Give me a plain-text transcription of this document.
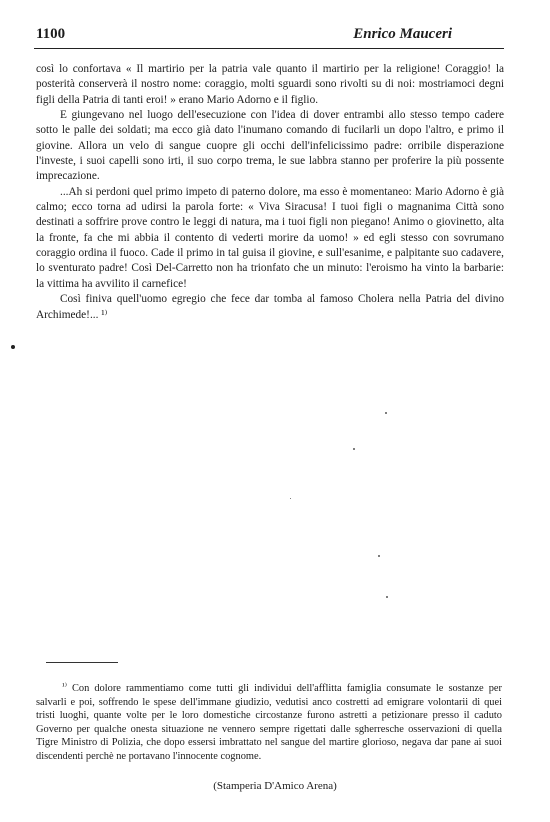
1100	Enrico Mauceri

così lo confortava « Il martirio per la patria vale quanto il martirio per la religione! Coraggio! la posterità conserverà il nostro nome: coraggio, molti sguardi sono rivolti su di noi: mostriamoci degni figli della Patria di tanti eroi! » erano Mario Adorno e il figlio.

E giungevano nel luogo dell'esecuzione con l'idea di dover entrambi allo stesso tempo cadere sotto le palle dei soldati; ma ecco già dato l'inumano comando di fucilarli un dopo l'altro, e primo il giovine. Allora un velo di sangue cuopre gli occhi dell'infelicissimo padre: orribile disperazione l'investe, i suoi capelli sono irti, il suo corpo trema, le sue labbra stanno per proferire la più possente imprecazione.

...Ah si perdoni quel primo impeto di paterno dolore, ma esso è momentaneo: Mario Adorno è già calmo; ecco torna ad udirsi la parola forte: « Viva Siracusa! I tuoi figli o magnanima Città sono destinati a soffrire prove contro le leggi di natura, ma i tuoi figli non piegano! Animo o giovinetto, alta la fronte, fa che mi abbia il contento di vederti morire da uomo! » ed egli stesso con sovrumano coraggio ordina il fuoco. Cade il primo in tal guisa il giovine, e sull'esanime, e palpitante suo cadavere, lo sventurato padre! Così Del-Carretto non ha trionfato che un minuto: l'eroismo ha vinto la barbarie: la vittima ha avvilito il carnefice!

Così finiva quell'uomo egregio che fece dar tomba al famoso Cholera nella Patria del divino Archimede!... ¹⁾

¹⁾ Con dolore rammentiamo come tutti gli individui dell'afflitta famiglia consumate le sostanze per salvarli e poi, soffrendo le spese dell'immane giudizio, vedutisi anco costretti ad emigrare volontarii di quei tristi luoghi, quante volte per le loro domestiche circostanze furono astretti a petizionare presso il caduto Governo per qualche onesta situazione ne vennero sempre rigettati dalle sgherresche osservazioni di quella Tigre Ministro di Polizia, che dopo essersi imbrattato nel sangue del martire glorioso, negava dar pane ai suoi discendenti perchè ne portavano l'innocente cognome.

(Stamperia D'Amico Arena)
